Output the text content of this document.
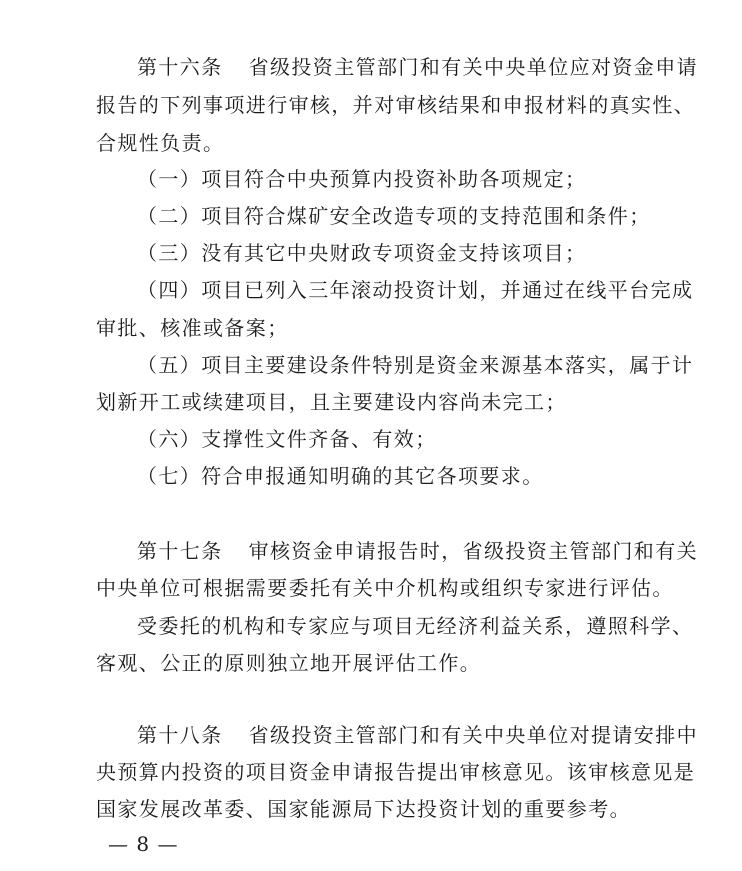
第十六条 省级投资主管部门和有关中央单位应对资金申请
报告的下列事项进行审核，并对审核结果和申报材料的真实性、
合规性负责。
（一）项目符合中央预算内投资补助各项规定；
（二）项目符合煤矿安全改造专项的支持范围和条件；
（三）没有其它中央财政专项资金支持该项目；
（四）项目已列入三年滚动投资计划，并通过在线平台完成
审批、核准或备案；
（五）项目主要建设条件特别是资金来源基本落实，属于计
划新开工或续建项目，且主要建设内容尚未完工；
（六）支撑性文件齐备、有效；
（七）符合申报通知明确的其它各项要求。
第十七条 审核资金申请报告时，省级投资主管部门和有关
中央单位可根据需要委托有关中介机构或组织专家进行评估。
受委托的机构和专家应与项目无经济利益关系，遵照科学、
客观、公正的原则独立地开展评估工作。
第十八条 省级投资主管部门和有关中央单位对提请安排中
央预算内投资的项目资金申请报告提出审核意见。该审核意见是
国家发展改革委、国家能源局下达投资计划的重要参考。
— 8 —
